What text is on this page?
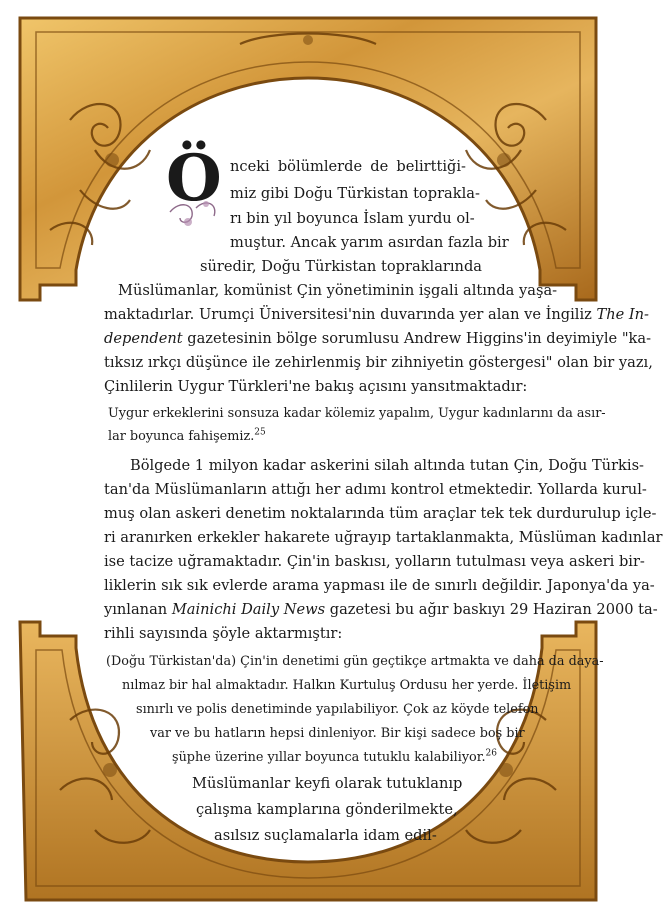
Ö nceki bölümlerde de belirttiği-
miz gibi Doğu Türkistan toprakla-
rı bin yıl boyunca İslam yurdu ol-
muştur. Ancak yarım asırdan fazla bir
süredir, Doğu Türkistan topraklarında
Müslümanlar, komünist Çin yönetiminin işgali altında yaşa-
maktadırlar. Urumçi Üniversitesi'nin duvarında yer alan ve İngiliz The In-
dependent gazetesinin bölge sorumlusu Andrew Higgins'in deyimiyle "ka-
tıksız ırkçı düşünce ile zehirlenmiş bir zihniyetin göstergesi" olan bir yazı,
Çinlilerin Uygur Türkleri'ne bakış açısını yansıtmaktadır:
Uygur erkeklerini sonsuza kadar kölemiz yapalım, Uygur kadınlarını da asır-
lar boyunca fahişemiz.$^{25}$
Bölgede 1 milyon kadar askerini silah altında tutan Çin, Doğu Türkis-
tan'da Müslümanların attığı her adımı kontrol etmektedir. Yollarda kurul-
muş olan askeri denetim noktalarında tüm araçlar tek tek durdurulup içle-
ri aranırken erkekler hakarete uğrayıp tartaklanmakta, Müslüman kadınlar
ise tacize uğramaktadır. Çin'in baskısı, yolların tutulması veya askeri bir-
liklerin sık sık evlerde arama yapması ile de sınırlı değildir. Japonya'da ya-
yınlanan Mainichi Daily News gazetesi bu ağır baskıyı 29 Haziran 2000 ta-
rihli sayısında şöyle aktarmıştır:
(Doğu Türkistan'da) Çin'in denetimi gün geçtikçe artmakta ve daha da daya-
nılmaz bir hal almaktadır. Halkın Kurtuluş Ordusu her yerde. İletişim
sınırlı ve polis denetiminde yapılabiliyor. Çok az köyde telefon
var ve bu hatların hepsi dinleniyor. Bir kişi sadece boş bir
şüphe üzerine yıllar boyunca tutuklu kalabiliyor.$^{26}$
Müslümanlar keyfi olarak tutuklanıp
çalışma kamplarına gönderilmekte,
asılsız suçlamalarla idam edil-
